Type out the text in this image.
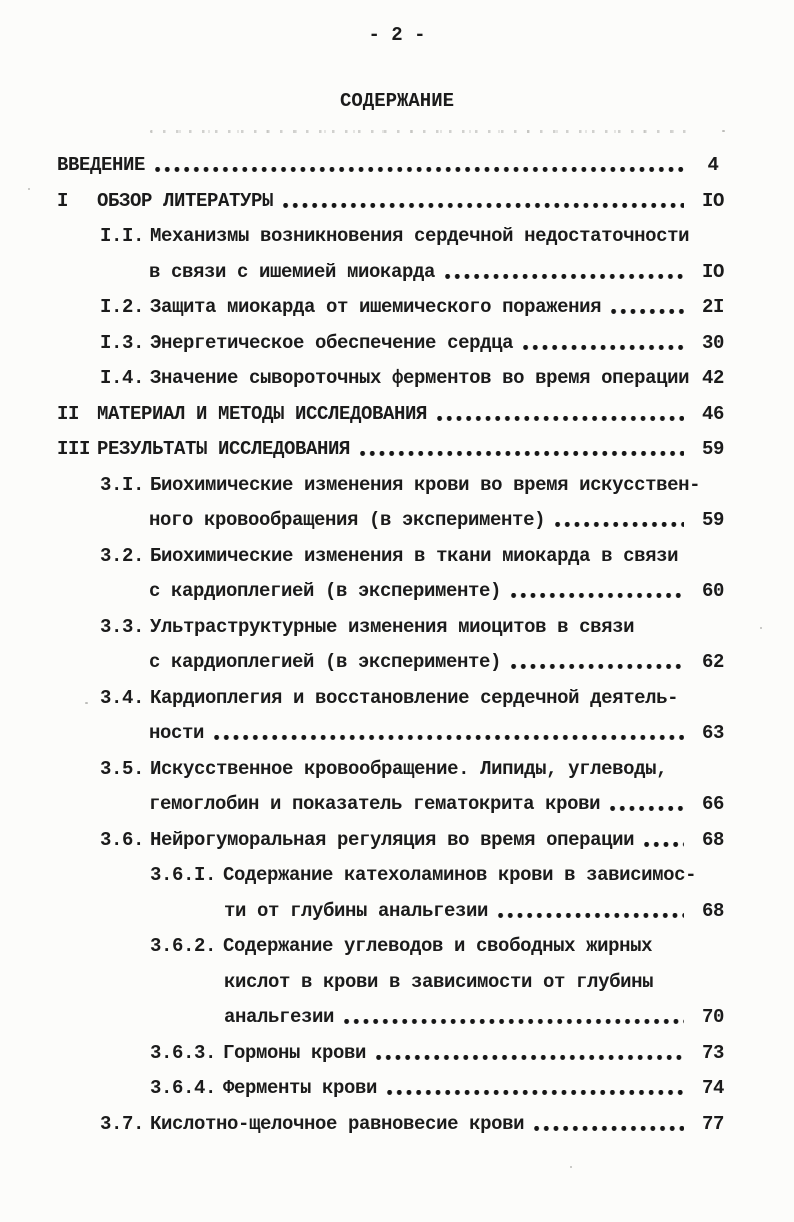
- 2 -
СОДЕРЖАНИЕ
ВВЕДЕНИЕ	4
I	ОБЗОР ЛИТЕРАТУРЫ	IO
I.I. Механизмы возникновения сердечной недостаточности
в связи с ишемией миокарда	IO
I.2. Защита миокарда от ишемического поражения	2I
I.3. Энергетическое обеспечение сердца	30
I.4. Значение сывороточных ферментов во время операции 42
II МАТЕРИАЛ И МЕТОДЫ ИССЛЕДОВАНИЯ	46
III РЕЗУЛЬТАТЫ ИССЛЕДОВАНИЯ	59
3.I. Биохимические изменения крови во время искусствен-
ного кровообращения (в эксперименте)	59
3.2. Биохимические изменения в ткани миокарда в связи
с кардиоплегией (в эксперименте)	60
3.3. Ультраструктурные изменения миоцитов в связи
с кардиоплегией (в эксперименте)	62
3.4. Кардиоплегия и восстановление сердечной деятель-
ности	63
3.5. Искусственное кровообращение. Липиды, углеводы,
гемоглобин и показатель гематокрита крови	66
3.6. Нейрогуморальная регуляция во время операции	68
3.6.I. Содержание катехоламинов крови в зависимос-
ти от глубины анальгезии	68
3.6.2. Содержание углеводов и свободных жирных
кислот в крови в зависимости от глубины
анальгезии	70
3.6.3. Гормоны крови	73
3.6.4. Ферменты крови	74
3.7. Кислотно-щелочное равновесие крови	77
